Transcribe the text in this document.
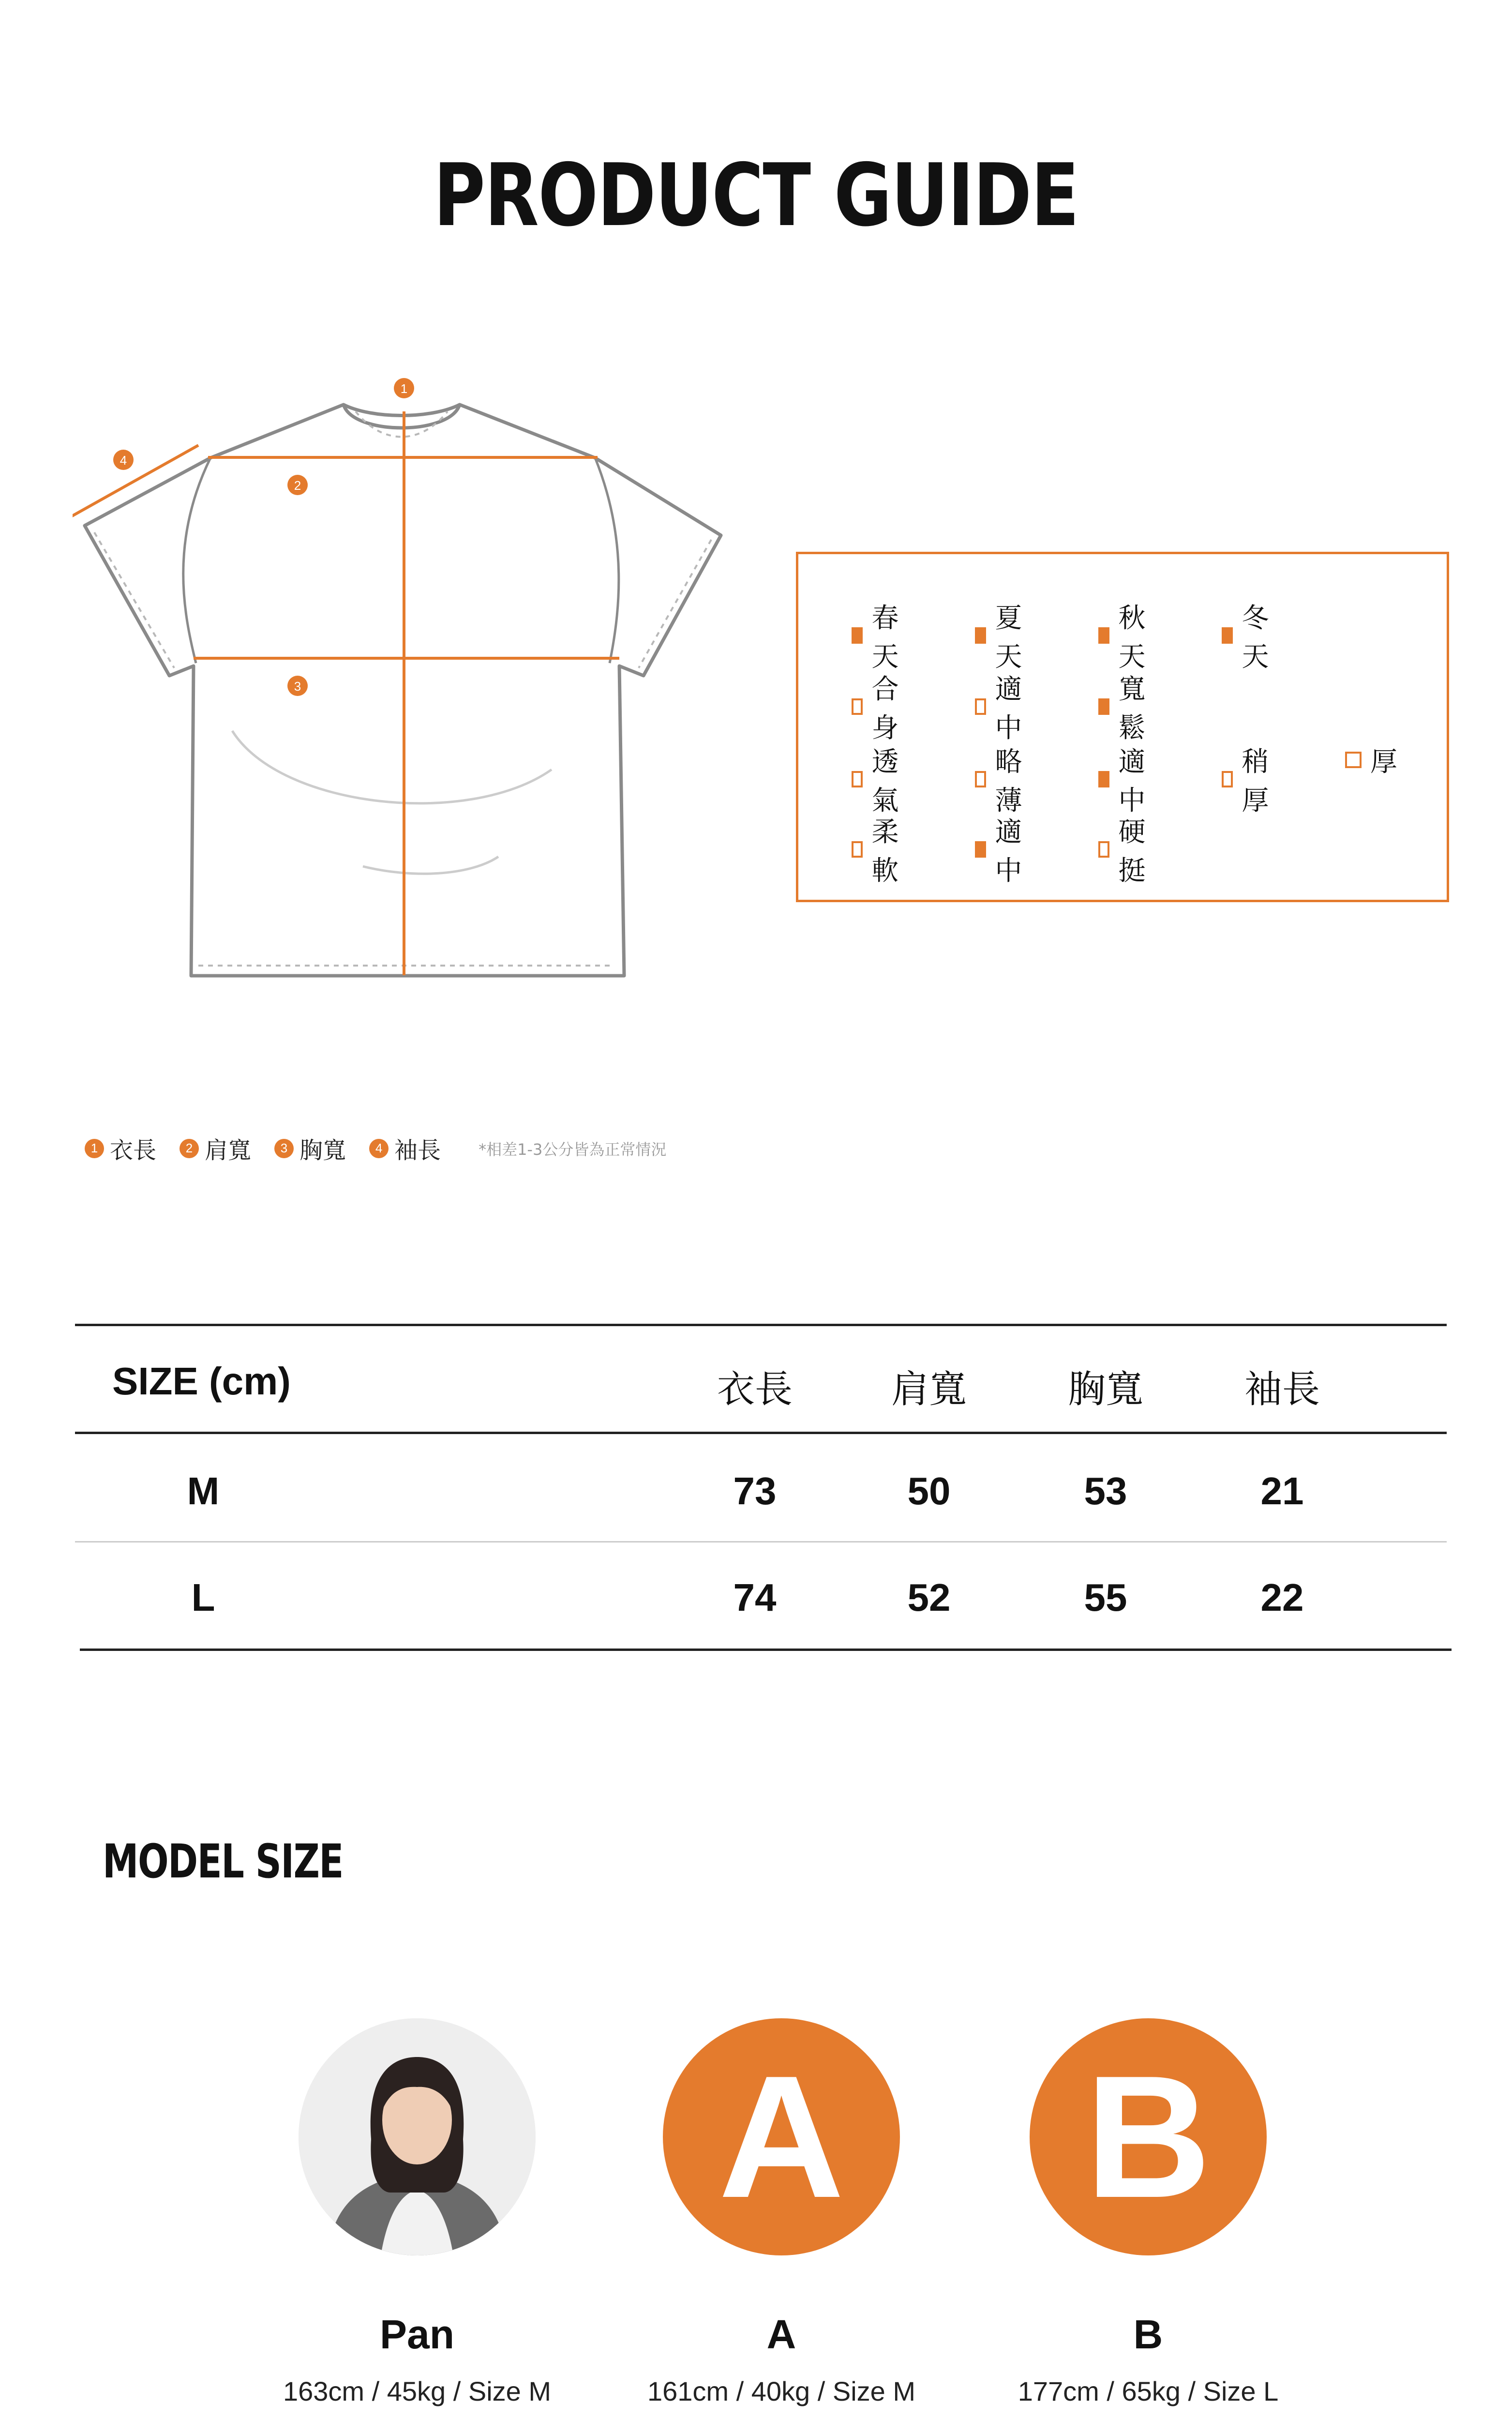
PRODUCT GUIDE
1
2
3
4
春天
夏天
秋天
冬天
合身
適中
寬鬆
透氣
略薄
適中
稍厚
厚
柔軟
適中
硬挺
1 衣長	2 肩寬	3 胸寬	4 袖長 *相差1-3公分皆為正常情況
SIZE (cm)	衣長	肩寬	胸寬	袖長
M	73	50	53	21
L	74	52	55	22
MODEL SIZE
A	B
Pan	A	B
163cm / 45kg / Size M	161cm / 40kg / Size M	177cm / 65kg / Size L
